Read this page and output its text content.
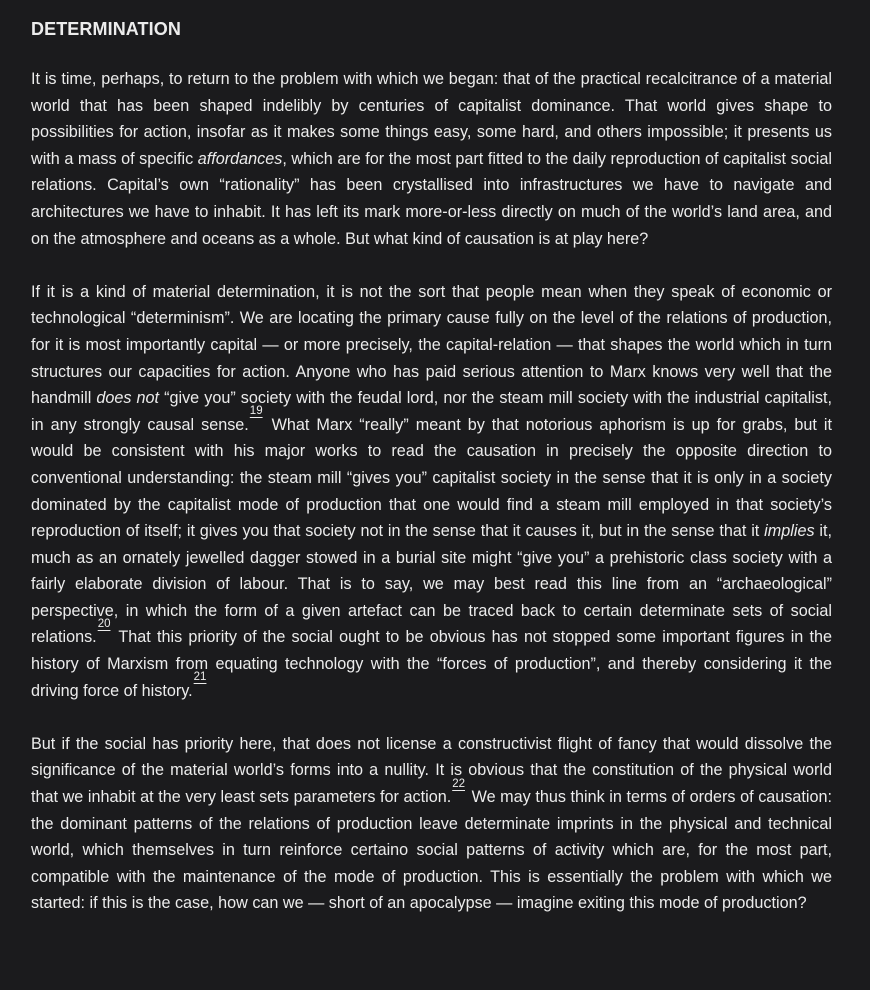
DETERMINATION

It is time, perhaps, to return to the problem with which we began: that of the practical recalcitrance of a material world that has been shaped indelibly by centuries of capitalist dominance. That world gives shape to possibilities for action, insofar as it makes some things easy, some hard, and others impossible; it presents us with a mass of specific affordances, which are for the most part fitted to the daily reproduction of capitalist social relations. Capital’s own “rationality” has been crystallised into infrastructures we have to navigate and architectures we have to inhabit. It has left its mark more-or-less directly on much of the world’s land area, and on the atmosphere and oceans as a whole. But what kind of causation is at play here?

If it is a kind of material determination, it is not the sort that people mean when they speak of economic or technological “determinism”. We are locating the primary cause fully on the level of the relations of production, for it is most importantly capital — or more precisely, the capital-relation — that shapes the world which in turn structures our capacities for action. Anyone who has paid serious attention to Marx knows very well that the handmill does not “give you” society with the feudal lord, nor the steam mill society with the industrial capitalist, in any strongly causal sense.$^{19}$ What Marx “really” meant by that notorious aphorism is up for grabs, but it would be consistent with his major works to read the causation in precisely the opposite direction to conventional understanding: the steam mill “gives you” capitalist society in the sense that it is only in a society dominated by the capitalist mode of production that one would find a steam mill employed in that society’s reproduction of itself; it gives you that society not in the sense that it causes it, but in the sense that it implies it, much as an ornately jewelled dagger stowed in a burial site might “give you” a prehistoric class society with a fairly elaborate division of labour. That is to say, we may best read this line from an “archaeological” perspective, in which the form of a given artefact can be traced back to certain determinate sets of social relations.$^{20}$ That this priority of the social ought to be obvious has not stopped some important figures in the history of Marxism from equating technology with the “forces of production”, and thereby considering it the driving force of history.$^{21}$

But if the social has priority here, that does not license a constructivist flight of fancy that would dissolve the significance of the material world’s forms into a nullity. It is obvious that the constitution of the physical world that we inhabit at the very least sets parameters for action.$^{22}$ We may thus think in terms of orders of causation: the dominant patterns of the relations of production leave determinate imprints in the physical and technical world, which themselves in turn reinforce certaino social patterns of activity which are, for the most part, compatible with the maintenance of the mode of production. This is essentially the problem with which we started: if this is the case, how can we — short of an apocalypse — imagine exiting this mode of production?
